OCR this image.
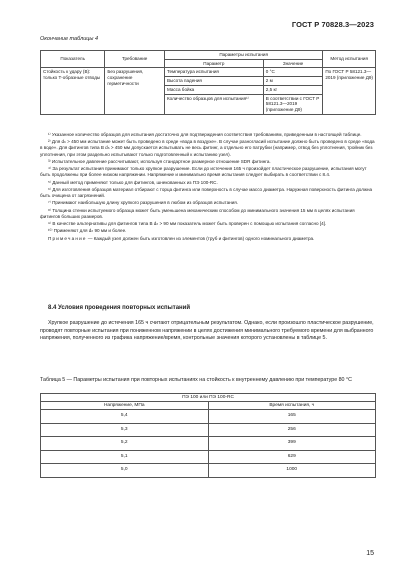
ГОСТ Р 70828.3—2023
Окончание таблицы 4
Показатель	Требование	Параметры испытания		Метод испытания
		Параметр	Значение	
Стойкость к удару (В): только Т-образные отводы	Без разрушения, сохранение герметичности	Температура испытания	0 °С	По ГОСТ Р 58121.3—2019 (приложение Д9)
		Высота падения	2 м	
		Масса бойка	2,5 кг	
		Количество образцов для испытания¹⁾	В соответствии с ГОСТ Р 58121.3—2019 (приложение Д9)	

¹⁾ Указанное количество образцов для испытания достаточно для подтверждения соответствия требованиям, приведенным в настоящей таблице.

²⁾ Для dₙ > 450 мм испытание может быть проведено в среде «вода в воздухе». В случае разногласий испытание должно быть проведено в среде «вода в воде». Для фитингов типа В dₙ > 450 мм допускается испытывать не весь фитинг, а отдельно его патрубки (например, отвод без уплотнения, тройник без уплотнения, при этом раздельно испытывают только подготовленный к испытанию узел).

³⁾ Испытательное давление рассчитывают, используя стандартное размерное отношение SDR фитинга.

⁴⁾ За результат испытания принимают только хрупкое разрушение. Если до истечения 165 ч произойдет пластическое разрушение, испытания могут быть продолжены при более низком напряжении. Напряжение и минимально время испытания следует выбирать в соответствии с 8.4.

⁵⁾ Данный метод применяют только для фитингов, шнекованных из ПЭ 100-RC.

⁶⁾ Для изготовления образцов материал отбирают с торца фитинга или поверхность в случае массо диаметра. Наружная поверхность фитинга должна быть очищена от загрязнений.

⁷⁾ Принимают наибольшую длину хрупкого разрушения в любом из образцов испытания.

⁸⁾ Толщина стенки испытуемого образца может быть уменьшена механическим способом до минимального значения 15 мм в целях испытания фитингов больших размеров.

⁹⁾ В качестве альтернативы для фитингов типа В dₙ > 90 мм показатель может быть проверен с помощью испытания согласно [4].

¹⁰⁾ Применяют для dₙ 90 мм и более.

Примечание — Каждый узел должен быть изготовлен из элементов (труб и фитингов) одного номинального диаметра.

8.4 Условия проведения повторных испытаний

Хрупкое разрушение до истечения 165 ч считают отрицательным результатом. Однако, если произошло пластическое разрушение, проводят повторные испытания при пониженном напряжении в целях достижения минимального требуемого времени для выбранного напряжения, полученного из графика напряжение/время, контрольные значения которого установлены в таблице 5.

Таблица 5 — Параметры испытания при повторных испытаниях на стойкость к внутреннему давлению при температуре 80 °С
ПЭ 100 или ПЭ 100-RC	
Напряжение, МПа	Время испытания, ч
5,4	165
5,3	256
5,2	399
5,1	629
5,0	1000
15
